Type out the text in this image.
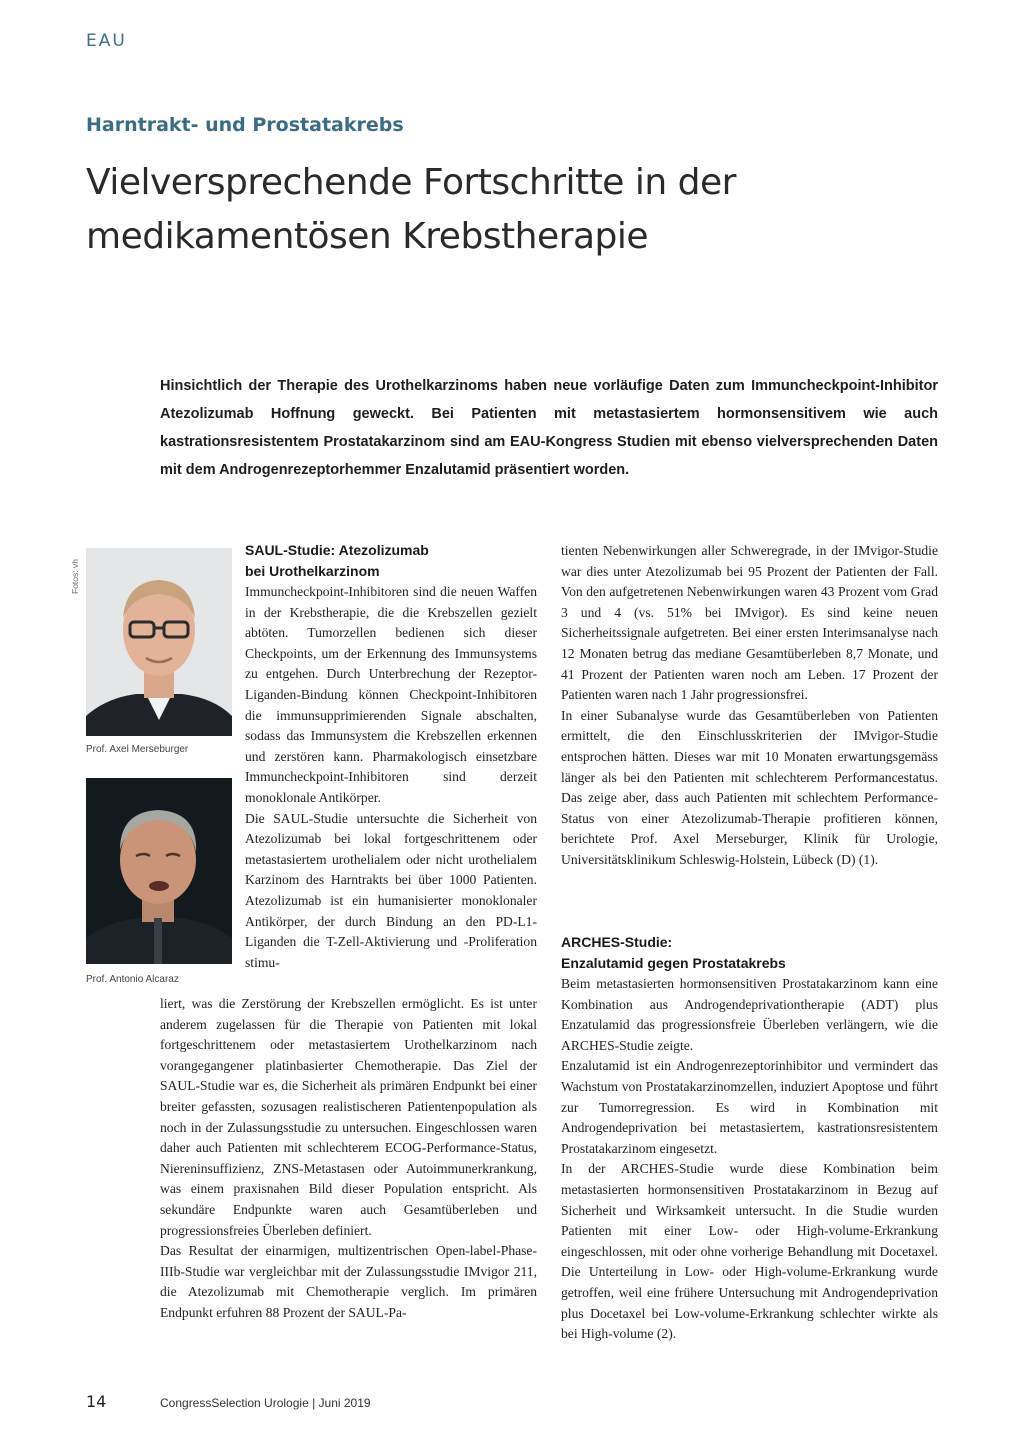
EAU
Harntrakt- und Prostatakrebs
Vielversprechende Fortschritte in der
medikamentösen Krebstherapie

Hinsichtlich der Therapie des Urothelkarzinoms haben neue vorläufige Daten zum Immuncheckpoint-Inhibitor Atezolizumab Hoffnung geweckt. Bei Patienten mit metastasiertem hormonsensitivem wie auch kastrationsresistentem Prostatakarzinom sind am EAU-Kongress Studien mit ebenso vielversprechenden Daten mit dem Androgenrezeptorhemmer Enzalutamid präsentiert worden.

Fotos: vh
Prof. Axel Merseburger
Prof. Antonio Alcaraz
SAUL-Studie: Atezolizumab
bei Urothelkarzinom

Immuncheckpoint-Inhibitoren sind die neuen Waffen in der Krebstherapie, die die Krebszellen gezielt abtöten. Tumorzellen bedienen sich dieser Checkpoints, um der Erkennung des Immunsystems zu entgehen. Durch Unterbrechung der Rezeptor-Liganden-Bindung können Checkpoint-Inhibitoren die immunsupprimierenden Signale abschalten, sodass das Immunsystem die Krebszellen erkennen und zerstören kann. Pharmakologisch einsetzbare Immuncheckpoint-Inhibitoren sind derzeit monoklonale Antikörper.

Die SAUL-Studie untersuchte die Sicherheit von Atezolizumab bei lokal fortgeschrittenem oder metastasiertem urothelialem oder nicht urothelialem Karzinom des Harntrakts bei über 1000 Patienten. Atezolizumab ist ein humanisierter monoklonaler Antikörper, der durch Bindung an den PD-L1-Liganden die T-Zell-Aktivierung und -Proliferation stimu-

liert, was die Zerstörung der Krebszellen ermöglicht. Es ist unter anderem zugelassen für die Therapie von Patienten mit lokal fortgeschrittenem oder metastasiertem Urothelkarzinom nach vorangegangener platinbasierter Chemotherapie. Das Ziel der SAUL-Studie war es, die Sicherheit als primären Endpunkt bei einer breiter gefassten, sozusagen realistischeren Patientenpopulation als noch in der Zulassungsstudie zu untersuchen. Eingeschlossen waren daher auch Patienten mit schlechterem ECOG-Performance-Status, Niereninsuffizienz, ZNS-Metastasen oder Autoimmunerkrankung, was einem praxisnahen Bild dieser Population entspricht. Als sekundäre Endpunkte waren auch Gesamtüberleben und progressionsfreies Überleben definiert.

Das Resultat der einarmigen, multizentrischen Open-label-Phase-IIIb-Studie war vergleichbar mit der Zulassungsstudie IMvigor 211, die Atezolizumab mit Chemotherapie verglich. Im primären Endpunkt erfuhren 88 Prozent der SAUL-Pa-

tienten Nebenwirkungen aller Schweregrade, in der IMvigor-Studie war dies unter Atezolizumab bei 95 Prozent der Patienten der Fall. Von den aufgetretenen Nebenwirkungen waren 43 Prozent vom Grad 3 und 4 (vs. 51% bei IMvigor). Es sind keine neuen Sicherheitssignale aufgetreten. Bei einer ersten Interimsanalyse nach 12 Monaten betrug das mediane Gesamtüberleben 8,7 Monate, und 41 Prozent der Patienten waren noch am Leben. 17 Prozent der Patienten waren nach 1 Jahr progressionsfrei.

In einer Subanalyse wurde das Gesamtüberleben von Patienten ermittelt, die den Einschlusskriterien der IMvigor-Studie entsprochen hätten. Dieses war mit 10 Monaten erwartungsgemäss länger als bei den Patienten mit schlechterem Performancestatus. Das zeige aber, dass auch Patienten mit schlechtem Performance-Status von einer Atezolizumab-Therapie profitieren können, berichtete Prof. Axel Merseburger, Klinik für Urologie, Universitätsklinikum Schleswig-Holstein, Lübeck (D) (1).

ARCHES-Studie:
Enzalutamid gegen Prostatakrebs

Beim metastasierten hormonsensitiven Prostatakarzinom kann eine Kombination aus Androgendeprivationtherapie (ADT) plus Enzatulamid das progressionsfreie Überleben verlängern, wie die ARCHES-Studie zeigte.

Enzalutamid ist ein Androgenrezeptorinhibitor und vermindert das Wachstum von Prostatakarzinomzellen, induziert Apoptose und führt zur Tumorregression. Es wird in Kombination mit Androgendeprivation bei metastasiertem, kastrationsresistentem Prostatakarzinom eingesetzt.

In der ARCHES-Studie wurde diese Kombination beim metastasierten hormonsensitiven Prostatakarzinom in Bezug auf Sicherheit und Wirksamkeit untersucht. In die Studie wurden Patienten mit einer Low- oder High-volume-Erkrankung eingeschlossen, mit oder ohne vorherige Behandlung mit Docetaxel. Die Unterteilung in Low- oder High-volume-Erkrankung wurde getroffen, weil eine frühere Untersuchung mit Androgendeprivation plus Docetaxel bei Low-volume-Erkrankung schlechter wirkte als bei High-volume (2).

14	CongressSelection Urologie | Juni 2019
